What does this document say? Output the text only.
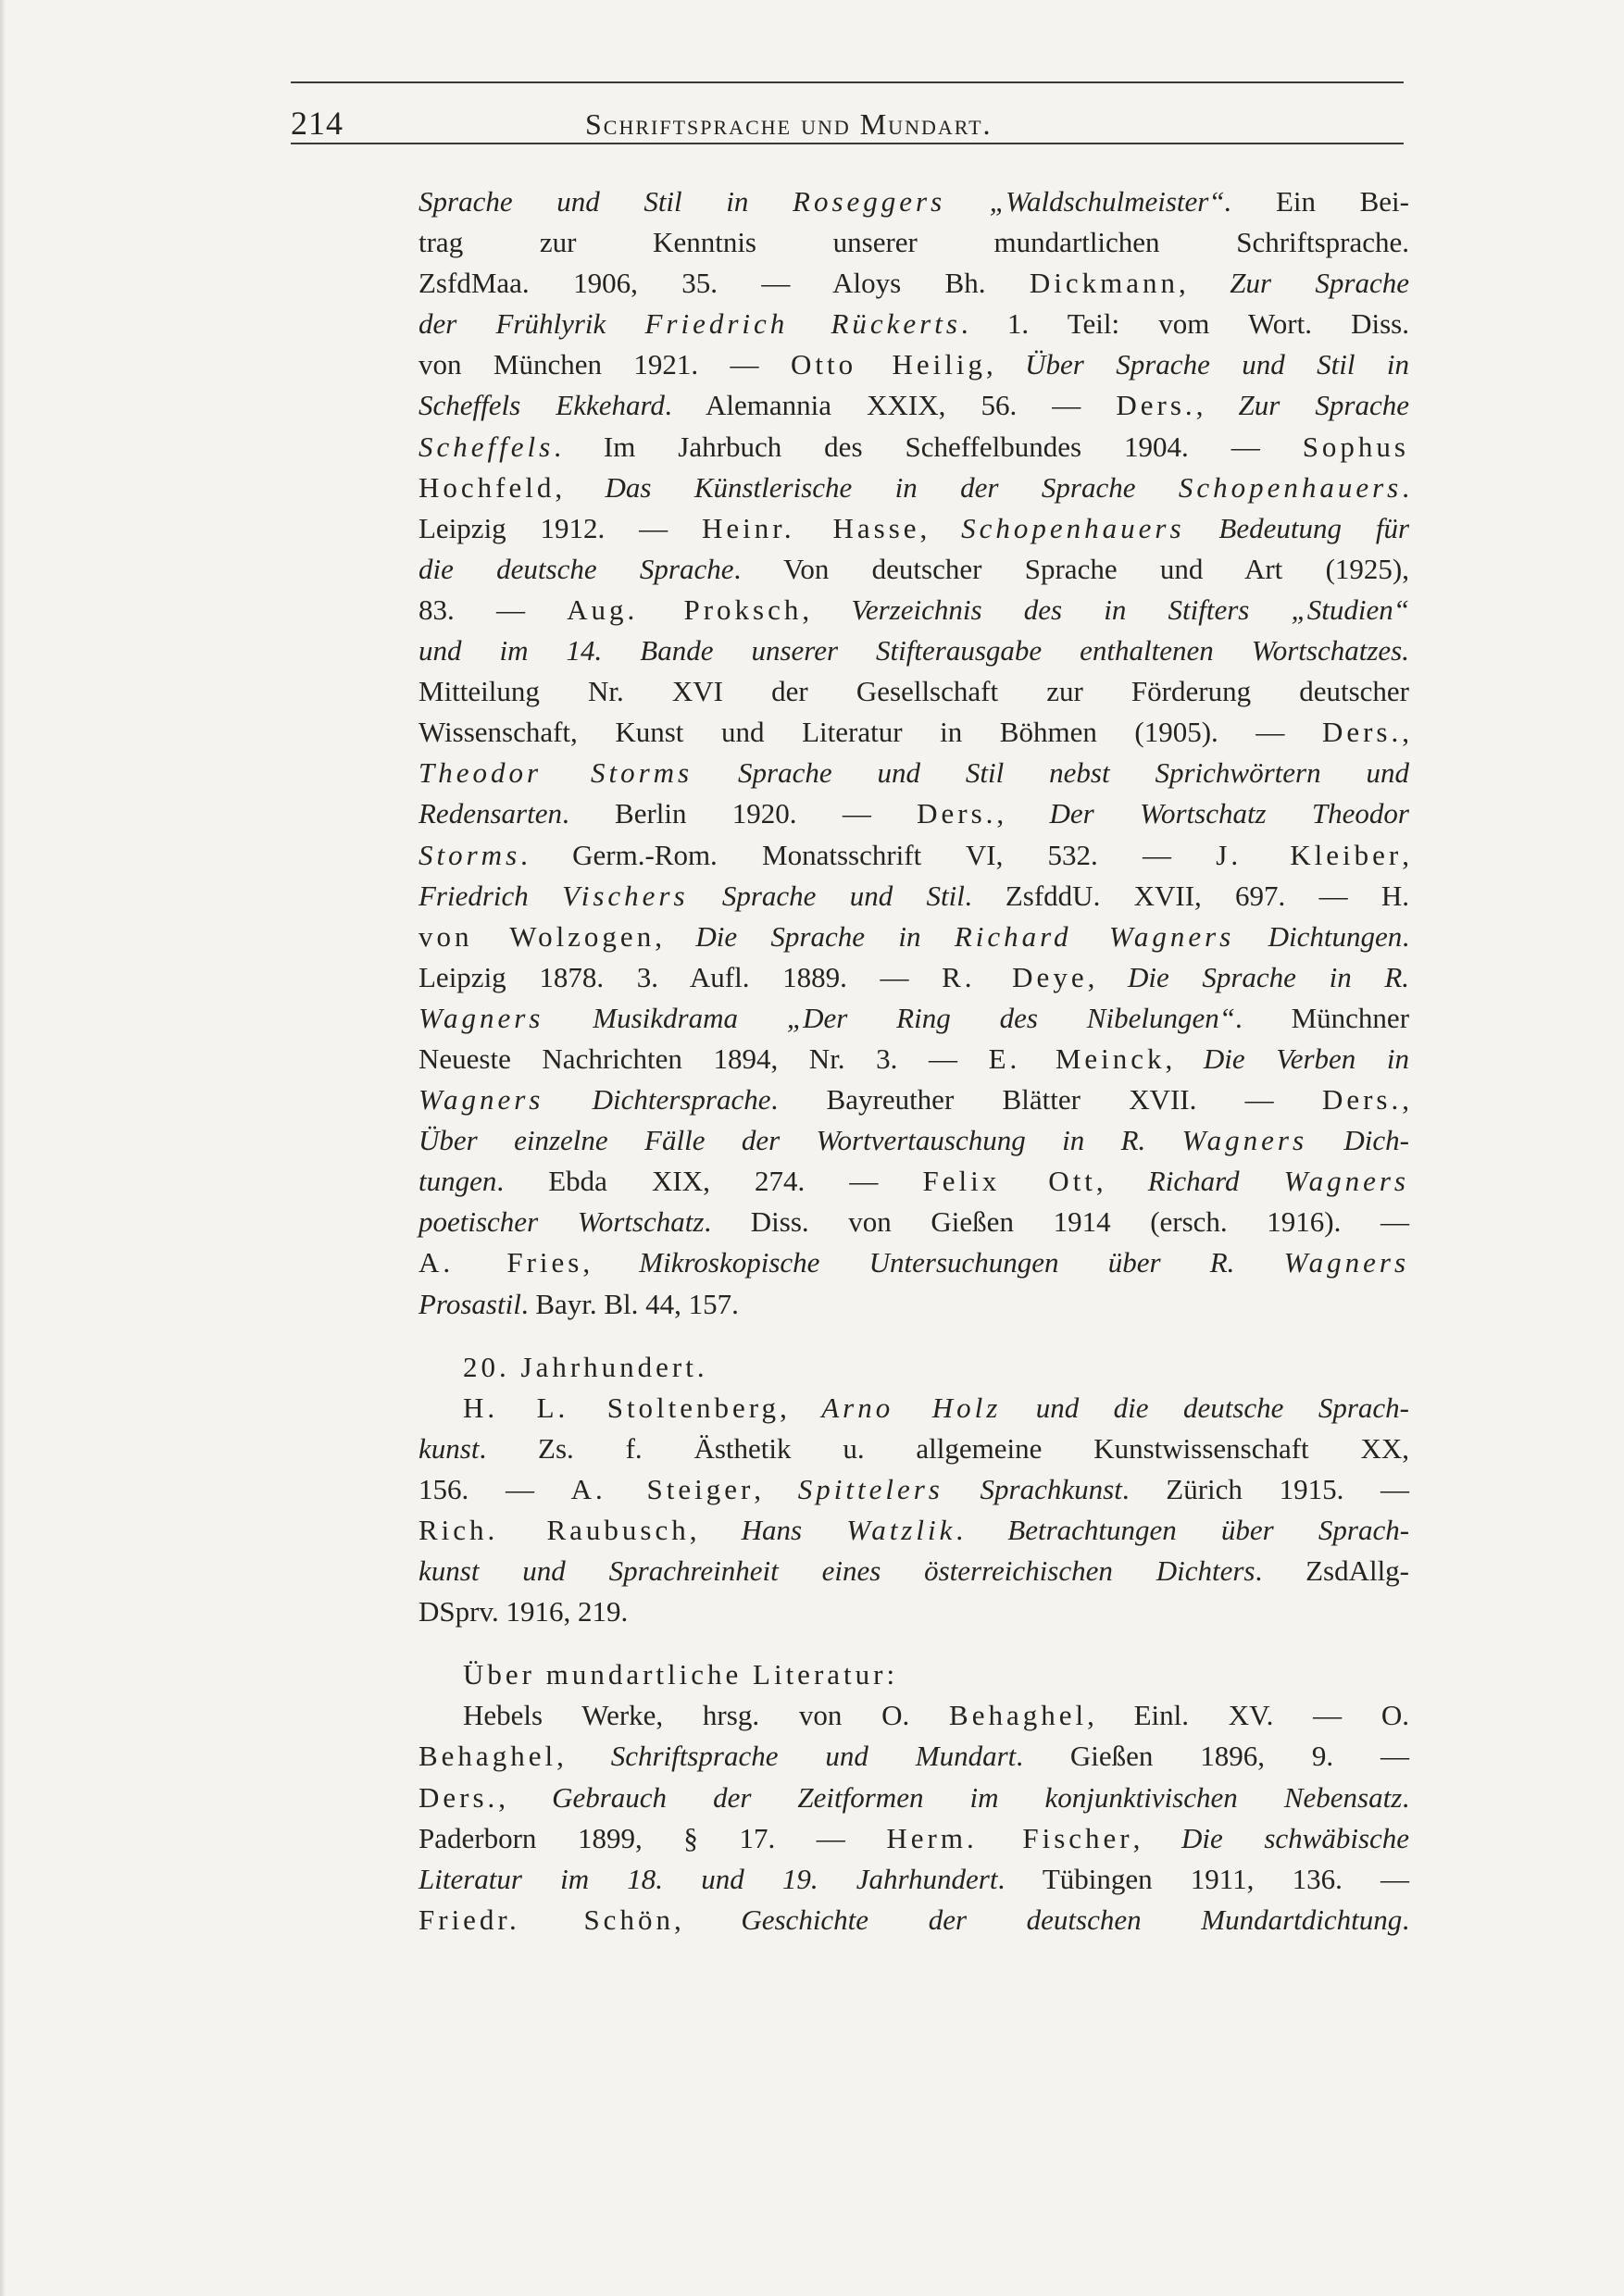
214	Schriftsprache und Mundart.
Sprache und Stil in Roseggers „Waldschulmeister“. Ein Bei-
trag zur Kenntnis unserer mundartlichen Schriftsprache.
ZsfdMaa. 1906, 35. — Aloys Bh. Dickmann, Zur Sprache
der Frühlyrik Friedrich Rückerts. 1. Teil: vom Wort. Diss.
von München 1921. — Otto Heilig, Über Sprache und Stil in
Scheffels Ekkehard. Alemannia XXIX, 56. — Ders., Zur Sprache
Scheffels. Im Jahrbuch des Scheffelbundes 1904. — Sophus
Hochfeld, Das Künstlerische in der Sprache Schopenhauers.
Leipzig 1912. — Heinr. Hasse, Schopenhauers Bedeutung für
die deutsche Sprache. Von deutscher Sprache und Art (1925),
83. — Aug. Proksch, Verzeichnis des in Stifters „Studien“
und im 14. Bande unserer Stifterausgabe enthaltenen Wortschatzes.
Mitteilung Nr. XVI der Gesellschaft zur Förderung deutscher
Wissenschaft, Kunst und Literatur in Böhmen (1905). — Ders.,
Theodor Storms Sprache und Stil nebst Sprichwörtern und
Redensarten. Berlin 1920. — Ders., Der Wortschatz Theodor
Storms. Germ.-Rom. Monatsschrift VI, 532. — J. Kleiber,
Friedrich Vischers Sprache und Stil. ZsfddU. XVII, 697. — H.
von Wolzogen, Die Sprache in Richard Wagners Dichtungen.
Leipzig 1878. 3. Aufl. 1889. — R. Deye, Die Sprache in R.
Wagners Musikdrama „Der Ring des Nibelungen“. Münchner
Neueste Nachrichten 1894, Nr. 3. — E. Meinck, Die Verben in
Wagners Dichtersprache. Bayreuther Blätter XVII. — Ders.,
Über einzelne Fälle der Wortvertauschung in R. Wagners Dich-
tungen. Ebda XIX, 274. — Felix Ott, Richard Wagners
poetischer Wortschatz. Diss. von Gießen 1914 (ersch. 1916). —
A. Fries, Mikroskopische Untersuchungen über R. Wagners
Prosastil. Bayr. Bl. 44, 157.
20. Jahrhundert.
H. L. Stoltenberg, Arno Holz und die deutsche Sprach-
kunst. Zs. f. Ästhetik u. allgemeine Kunstwissenschaft XX,
156. — A. Steiger, Spittelers Sprachkunst. Zürich 1915. —
Rich. Raubusch, Hans Watzlik. Betrachtungen über Sprach-
kunst und Sprachreinheit eines österreichischen Dichters. ZsdAllg-
DSprv. 1916, 219.
Über mundartliche Literatur:
Hebels Werke, hrsg. von O. Behaghel, Einl. XV. — O.
Behaghel, Schriftsprache und Mundart. Gießen 1896, 9. —
Ders., Gebrauch der Zeitformen im konjunktivischen Nebensatz.
Paderborn 1899, § 17. — Herm. Fischer, Die schwäbische
Literatur im 18. und 19. Jahrhundert. Tübingen 1911, 136. —
Friedr. Schön, Geschichte der deutschen Mundartdichtung.
